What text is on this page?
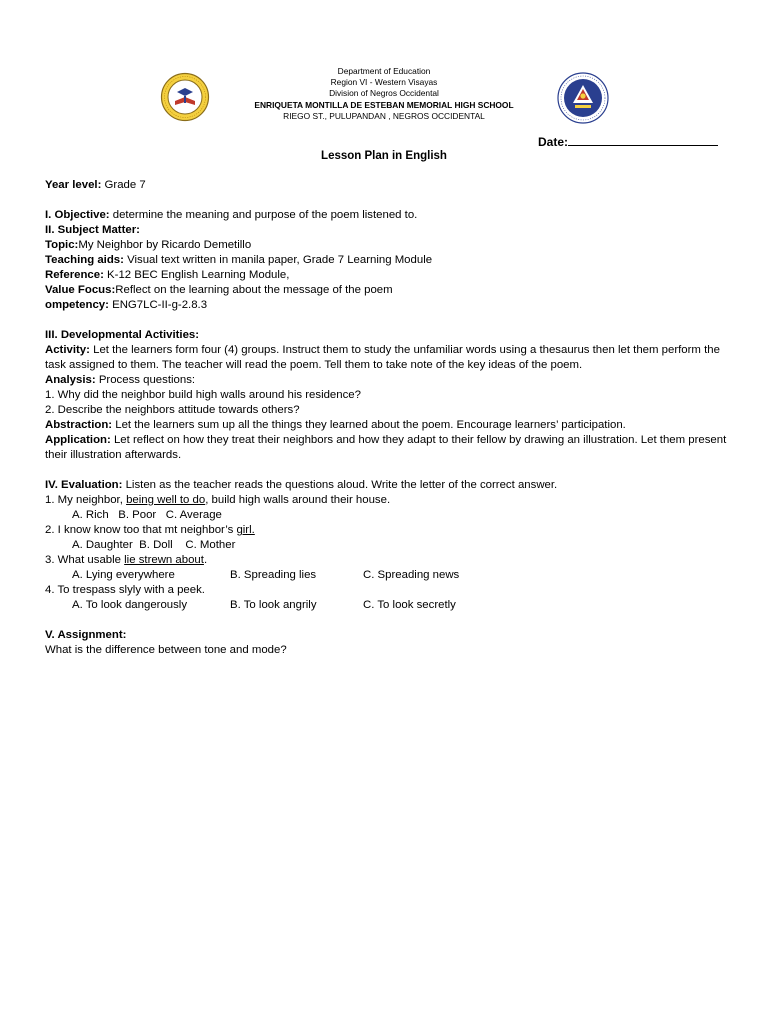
Department of Education
Region VI - Western Visayas
Division of Negros Occidental
ENRIQUETA MONTILLA DE ESTEBAN MEMORIAL HIGH SCHOOL
RIEGO ST., PULUPANDAN , NEGROS OCCIDENTAL
Date:
Lesson Plan in English
Year level: Grade 7
I. Objective: determine the meaning and purpose of the poem listened to.
II. Subject Matter:
Topic:My Neighbor by Ricardo Demetillo
Teaching aids: Visual text written in manila paper, Grade 7 Learning Module
Reference: K-12 BEC English Learning Module,
Value Focus:Reflect on the learning about the message of the poem
ompetency: ENG7LC-II-g-2.8.3
III. Developmental Activities:
Activity: Let the learners form four (4) groups. Instruct them to study the unfamiliar words using a thesaurus then let them perform the task assigned to them. The teacher will read the poem. Tell them to take note of the key ideas of the poem.
Analysis: Process questions:
1. Why did the neighbor build high walls around his residence?
2. Describe the neighbors attitude towards others?
Abstraction: Let the learners sum up all the things they learned about the poem. Encourage learners’ participation.
Application: Let reflect on how they treat their neighbors and how they adapt to their fellow by drawing an illustration. Let them present their illustration afterwards.
IV. Evaluation: Listen as the teacher reads the questions aloud. Write the letter of the correct answer.
1. My neighbor, being well to do, build high walls around their house.
A. Rich B. Poor C. Average
2. I know know too that mt neighbor’s girl.
A. Daughter B. Doll C. Mother
3. What usable lie strewn about.
A. Lying everywhere	B. Spreading lies	C. Spreading news
4. To trespass slyly with a peek.
A. To look dangerously	B. To look angrily	C. To look secretly
V. Assignment:
What is the difference between tone and mode?
